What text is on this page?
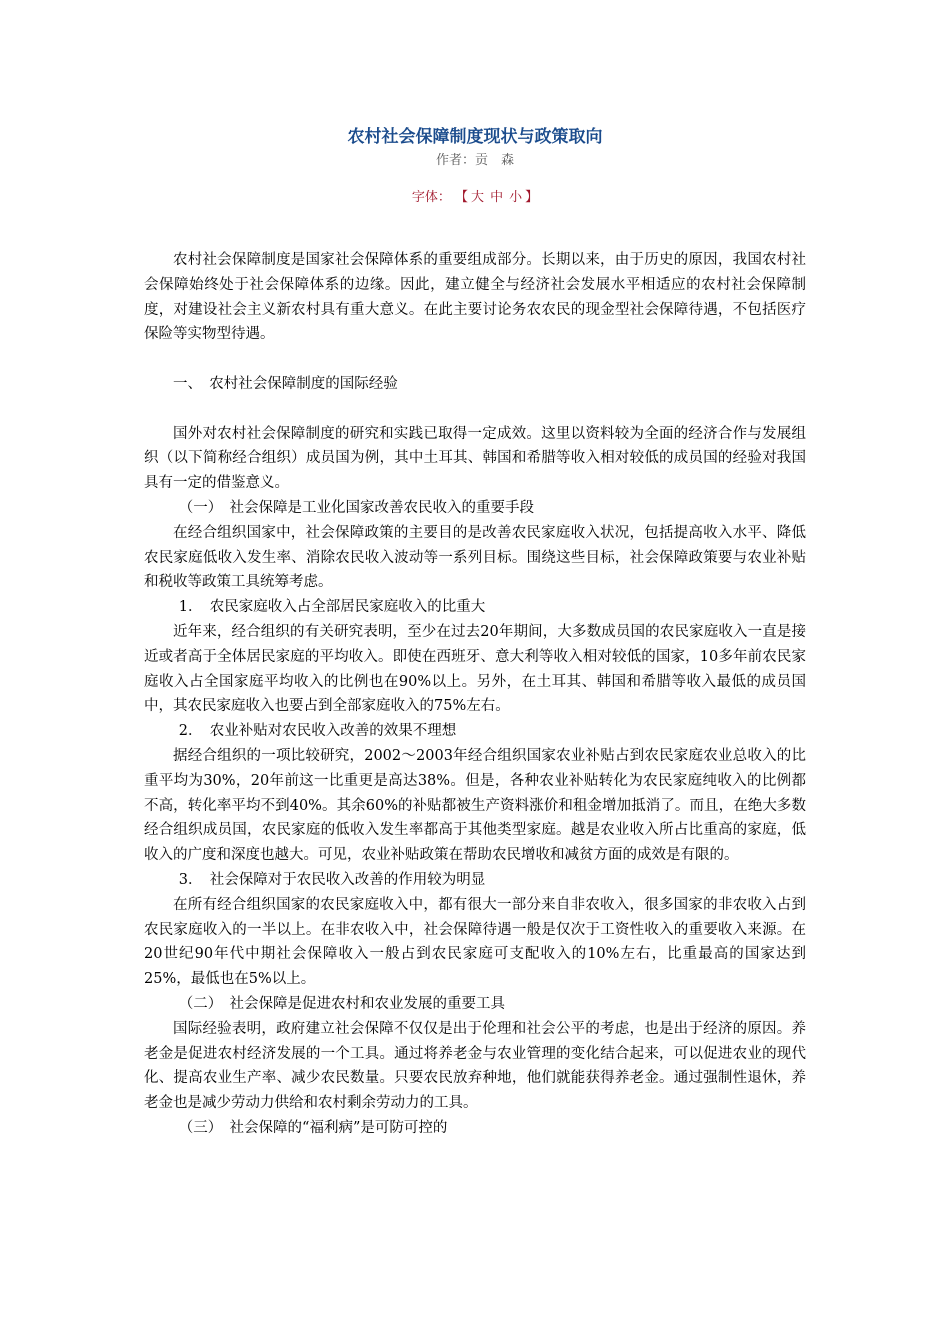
农村社会保障制度现状与政策取向
作者：贡　森
字体： 【 大 中 小 】

农村社会保障制度是国家社会保障体系的重要组成部分。长期以来，由于历史的原因，我国农村社会保障始终处于社会保障体系的边缘。因此，建立健全与经济社会发展水平相适应的农村社会保障制度，对建设社会主义新农村具有重大意义。在此主要讨论务农农民的现金型社会保障待遇，不包括医疗保险等实物型待遇。

一、　农村社会保障制度的国际经验

国外对农村社会保障制度的研究和实践已取得一定成效。这里以资料较为全面的经济合作与发展组织（以下简称经合组织）成员国为例，其中土耳其、韩国和希腊等收入相对较低的成员国的经验对我国具有一定的借鉴意义。

（一）　社会保障是工业化国家改善农民收入的重要手段

在经合组织国家中，社会保障政策的主要目的是改善农民家庭收入状况，包括提高收入水平、降低农民家庭低收入发生率、消除农民收入波动等一系列目标。围绕这些目标，社会保障政策要与农业补贴和税收等政策工具统筹考虑。

1．　农民家庭收入占全部居民家庭收入的比重大

近年来，经合组织的有关研究表明，至少在过去20年期间，大多数成员国的农民家庭收入一直是接近或者高于全体居民家庭的平均收入。即使在西班牙、意大利等收入相对较低的国家，10多年前农民家庭收入占全国家庭平均收入的比例也在90%以上。另外，在土耳其、韩国和希腊等收入最低的成员国中，其农民家庭收入也要占到全部家庭收入的75%左右。

2．　农业补贴对农民收入改善的效果不理想

据经合组织的一项比较研究，2002～2003年经合组织国家农业补贴占到农民家庭农业总收入的比重平均为30%，20年前这一比重更是高达38%。但是，各种农业补贴转化为农民家庭纯收入的比例都不高，转化率平均不到40%。其余60%的补贴都被生产资料涨价和租金增加抵消了。而且，在绝大多数经合组织成员国，农民家庭的低收入发生率都高于其他类型家庭。越是农业收入所占比重高的家庭，低收入的广度和深度也越大。可见，农业补贴政策在帮助农民增收和减贫方面的成效是有限的。

3．　社会保障对于农民收入改善的作用较为明显

在所有经合组织国家的农民家庭收入中，都有很大一部分来自非农收入，很多国家的非农收入占到农民家庭收入的一半以上。在非农收入中，社会保障待遇一般是仅次于工资性收入的重要收入来源。在20世纪90年代中期社会保障收入一般占到农民家庭可支配收入的10%左右，比重最高的国家达到25%，最低也在5%以上。

（二）　社会保障是促进农村和农业发展的重要工具

国际经验表明，政府建立社会保障不仅仅是出于伦理和社会公平的考虑，也是出于经济的原因。养老金是促进农村经济发展的一个工具。通过将养老金与农业管理的变化结合起来，可以促进农业的现代化、提高农业生产率、减少农民数量。只要农民放弃种地，他们就能获得养老金。通过强制性退休，养老金也是减少劳动力供给和农村剩余劳动力的工具。

（三）　社会保障的“福利病”是可防可控的
